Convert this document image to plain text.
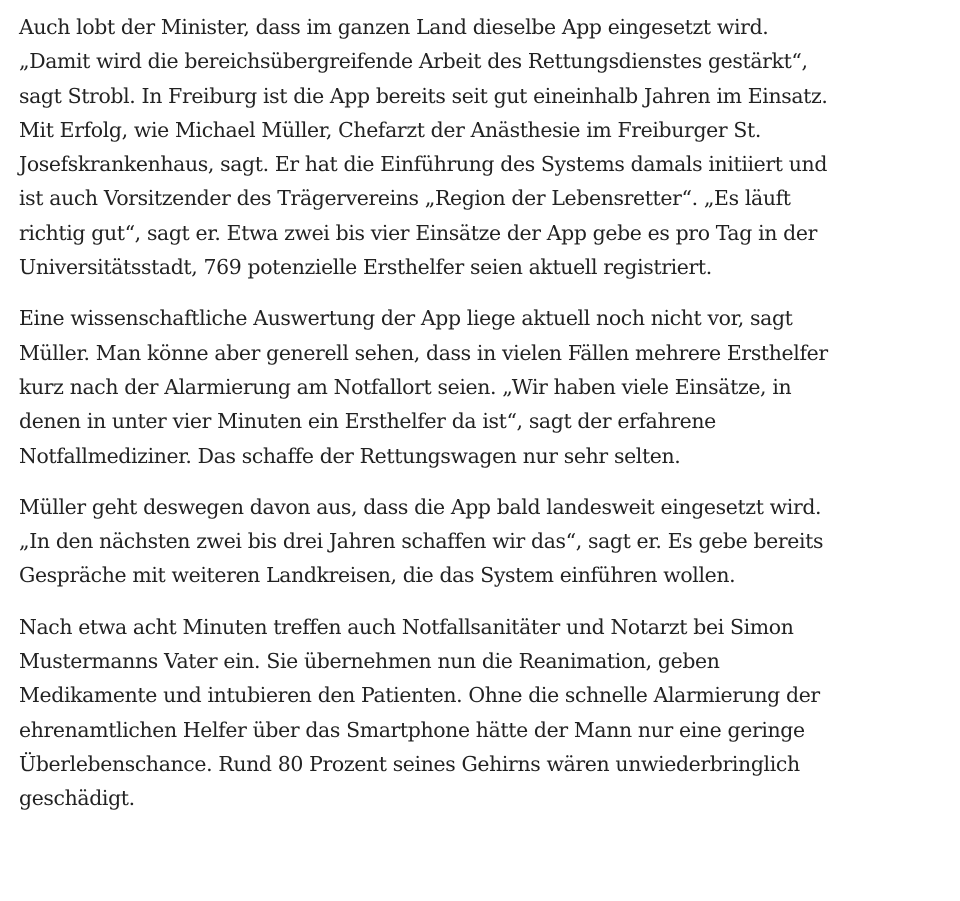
Auch lobt der Minister, dass im ganzen Land dieselbe App eingesetzt wird.
„Damit wird die bereichsübergreifende Arbeit des Rettungsdienstes gestärkt“,
sagt Strobl. In Freiburg ist die App bereits seit gut eineinhalb Jahren im Einsatz.
Mit Erfolg, wie Michael Müller, Chefarzt der Anästhesie im Freiburger St.
Josefskrankenhaus, sagt. Er hat die Einführung des Systems damals initiiert und
ist auch Vorsitzender des Trägervereins „Region der Lebensretter“. „Es läuft
richtig gut“, sagt er. Etwa zwei bis vier Einsätze der App gebe es pro Tag in der
Universitätsstadt, 769 potenzielle Ersthelfer seien aktuell registriert.

Eine wissenschaftliche Auswertung der App liege aktuell noch nicht vor, sagt
Müller. Man könne aber generell sehen, dass in vielen Fällen mehrere Ersthelfer
kurz nach der Alarmierung am Notfallort seien. „Wir haben viele Einsätze, in
denen in unter vier Minuten ein Ersthelfer da ist“, sagt der erfahrene
Notfallmediziner. Das schaffe der Rettungswagen nur sehr selten.

Müller geht deswegen davon aus, dass die App bald landesweit eingesetzt wird.
„In den nächsten zwei bis drei Jahren schaffen wir das“, sagt er. Es gebe bereits
Gespräche mit weiteren Landkreisen, die das System einführen wollen.

Nach etwa acht Minuten treffen auch Notfallsanitäter und Notarzt bei Simon
Mustermanns Vater ein. Sie übernehmen nun die Reanimation, geben
Medikamente und intubieren den Patienten. Ohne die schnelle Alarmierung der
ehrenamtlichen Helfer über das Smartphone hätte der Mann nur eine geringe
Überlebenschance. Rund 80 Prozent seines Gehirns wären unwiederbringlich
geschädigt.
